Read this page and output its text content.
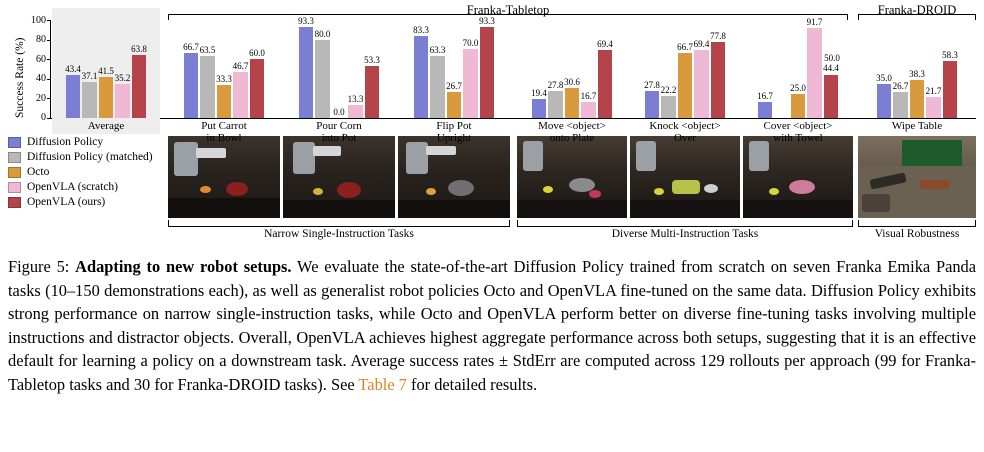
Franka-Tabletop	Franka-DROID
Success Rate (%)
100
80
60
40
20
0
Diffusion Policy
Diffusion Policy (matched)
Octo
OpenVLA (scratch)
OpenVLA (ours)
Narrow Single-Instruction Tasks	Diverse Multi-Instruction Tasks	Visual Robustness
43.4
37.1 41.5
35.2
63.8
Average
66.7 63.5
33.3
46.7
60.0
Put Carrot
in Bowl
93.3
80.0
0.0
13.3
53.3
Pour Corn
into Pot
83.3
63.3
26.7
70.0
93.3
Flip Pot
Upright
19.4
27.8 30.6
16.7
69.4
Move <object>
onto Plate
27.8
22.2
66.7 69.4
77.8
Knock <object>
Over
16.7
25.0
91.7
44.4
50.0
Cover <object>
with Towel
35.0
26.7
38.3
21.7
58.3
Wipe Table
Figure 5: Adapting to new robot setups. We evaluate the state-of-the-art Diffusion Policy trained from scratch on seven Franka Emika Panda tasks (10–150 demonstrations each), as well as generalist robot policies Octo and OpenVLA fine-tuned on the same data. Diffusion Policy exhibits strong performance on narrow single-instruction tasks, while Octo and OpenVLA perform better on diverse fine-tuning tasks involving multiple instructions and distractor objects. Overall, OpenVLA achieves highest aggregate performance across both setups, suggesting that it is an effective default for learning a policy on a downstream task. Average success rates ± StdErr are computed across 129 rollouts per approach (99 for Franka-Tabletop tasks and 30 for Franka-DROID tasks). See Table 7 for detailed results.
